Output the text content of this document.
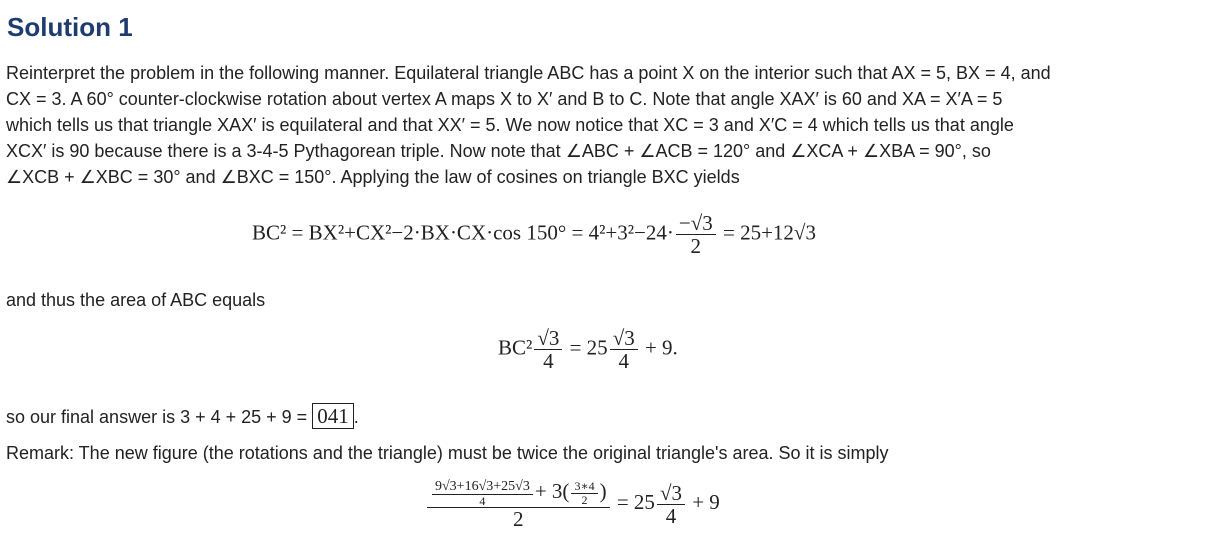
Solution 1
Reinterpret the problem in the following manner. Equilateral triangle ABC has a point X on the interior such that AX = 5, BX = 4, and
CX = 3. A 60° counter-clockwise rotation about vertex A maps X to X′ and B to C. Note that angle XAX′ is 60 and XA = X′A = 5
which tells us that triangle XAX′ is equilateral and that XX′ = 5. We now notice that XC = 3 and X′C = 4 which tells us that angle
XCX′ is 90 because there is a 3-4-5 Pythagorean triple. Now note that ∠ABC + ∠ACB = 120° and ∠XCA + ∠XBA = 90°, so
∠XCB + ∠XBC = 30° and ∠BXC = 150°. Applying the law of cosines on triangle BXC yields
BC² = BX²+CX²−2·BX·CX·cos $150^\circ = 4^2+3^2-24\cdot \frac{-√3}{2} = 25+12√3$
and thus the area of ABC equals
$BC^2 \frac{√3}{4} = 25 \frac{√3}{4} + 9$.
so our final answer is 3 + 4 + 25 + 9 = 041 .
Remark: The new figure (the rotations and the triangle) must be twice the original triangle's area. So it is simply
$\frac{\frac{9√3+16√3+25√3}{4} + 3( \frac{3∗4}{2} )}{2} = 25 \frac{√3}{4} + 9$
